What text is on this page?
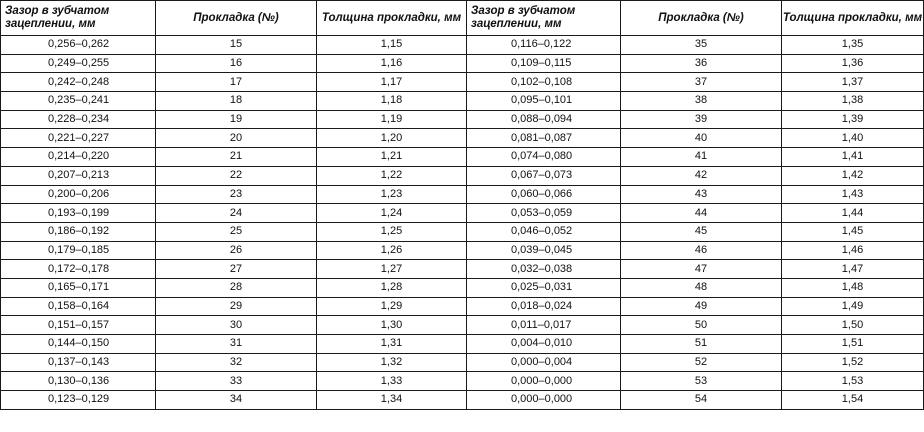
Зазор в зубчатом зацеплении, мм	Прокладка (№)	Толщина прокладки, мм	Зазор в зубчатом зацеплении, мм	Прокладка (№)	Толщина прокладки, мм
0,256–0,262	15	1,15	0,116–0,122	35	1,35
0,249–0,255	16	1,16	0,109–0,115	36	1,36
0,242–0,248	17	1,17	0,102–0,108	37	1,37
0,235–0,241	18	1,18	0,095–0,101	38	1,38
0,228–0,234	19	1,19	0,088–0,094	39	1,39
0,221–0,227	20	1,20	0,081–0,087	40	1,40
0,214–0,220	21	1,21	0,074–0,080	41	1,41
0,207–0,213	22	1,22	0,067–0,073	42	1,42
0,200–0,206	23	1,23	0,060–0,066	43	1,43
0,193–0,199	24	1,24	0,053–0,059	44	1,44
0,186–0,192	25	1,25	0,046–0,052	45	1,45
0,179–0,185	26	1,26	0,039–0,045	46	1,46
0,172–0,178	27	1,27	0,032–0,038	47	1,47
0,165–0,171	28	1,28	0,025–0,031	48	1,48
0,158–0,164	29	1,29	0,018–0,024	49	1,49
0,151–0,157	30	1,30	0,011–0,017	50	1,50
0,144–0,150	31	1,31	0,004–0,010	51	1,51
0,137–0,143	32	1,32	0,000–0,004	52	1,52
0,130–0,136	33	1,33	0,000–0,000	53	1,53
0,123–0,129	34	1,34	0,000–0,000	54	1,54
